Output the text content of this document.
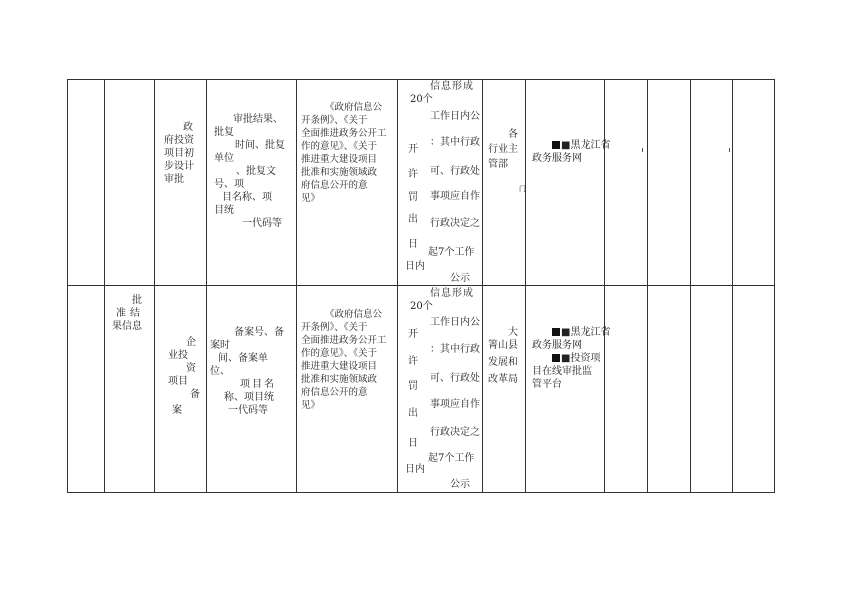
批
准结
果信息
政
府投资
项目初
步设计
审批
审批结果、
批复
时间、批复
单位
、批复文
号、项
目名称、项
目统
一代码等
《政府信息公
开条例》、《关于
全面推进政务公开工
作的意见》、《关于
推进重大建设项目
批准和实施领域政
府信息公开的意
见》
开
许
罚
出
日
日内
信息形成
20个
工作日内公
：其中行政
可、行政处
事项应自作
行政决定之
起7个工作
公示
各
行业主
管部
门
■黑龙江省
政务服务网
企
业投
资
项目
备
案
备案号、备
案时
间、备案单
位、
项目名
称、项目统
一代码等
《政府信息公
开条例》、《关于
全面推进政务公开工
作的意见》、《关于
推进重大建设项目
批准和实施领域政
府信息公开的意
见》
开
许
罚
出
日
日内
信息形成
20个
工作日内公
：其中行政
可、行政处
事项应自作
行政决定之
起7个工作
公示
大
箐山县
发展和
改革局
■黑龙江省
政务服务网
■投资项
目在线审批监
管平台
